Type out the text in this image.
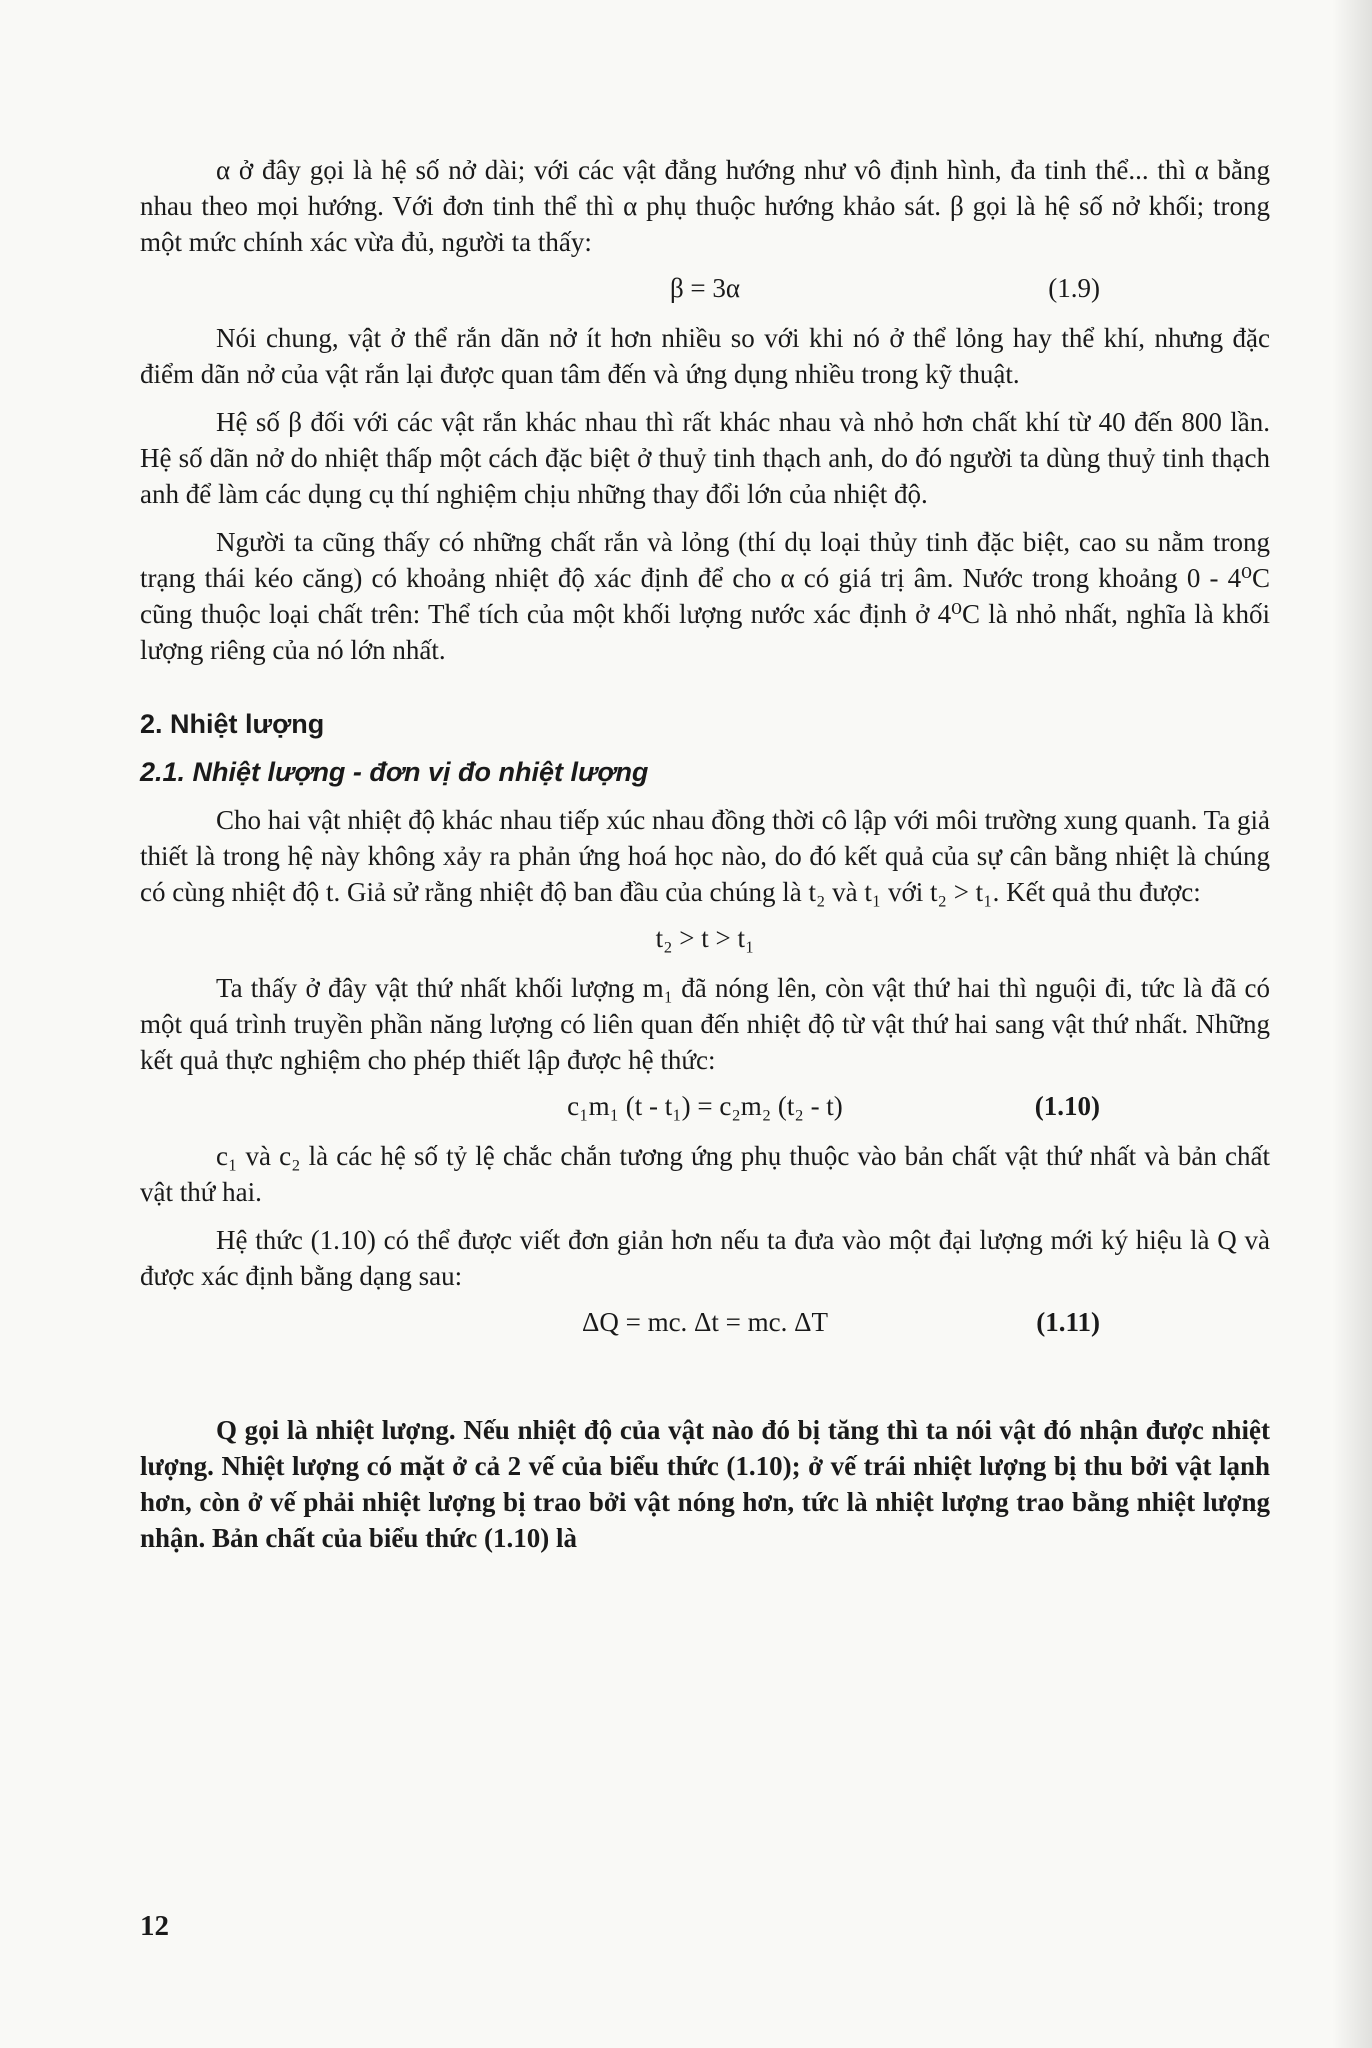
α ở đây gọi là hệ số nở dài; với các vật đẳng hướng như vô định hình, đa tinh thể... thì α bằng nhau theo mọi hướng. Với đơn tinh thể thì α phụ thuộc hướng khảo sát. β gọi là hệ số nở khối; trong một mức chính xác vừa đủ, người ta thấy:

β = 3α	(1.9)

Nói chung, vật ở thể rắn dãn nở ít hơn nhiều so với khi nó ở thể lỏng hay thể khí, nhưng đặc điểm dãn nở của vật rắn lại được quan tâm đến và ứng dụng nhiều trong kỹ thuật.

Hệ số β đối với các vật rắn khác nhau thì rất khác nhau và nhỏ hơn chất khí từ 40 đến 800 lần. Hệ số dãn nở do nhiệt thấp một cách đặc biệt ở thuỷ tinh thạch anh, do đó người ta dùng thuỷ tinh thạch anh để làm các dụng cụ thí nghiệm chịu những thay đổi lớn của nhiệt độ.

Người ta cũng thấy có những chất rắn và lỏng (thí dụ loại thủy tinh đặc biệt, cao su nằm trong trạng thái kéo căng) có khoảng nhiệt độ xác định để cho α có giá trị âm. Nước trong khoảng 0 - 4⁰C cũng thuộc loại chất trên: Thể tích của một khối lượng nước xác định ở 4⁰C là nhỏ nhất, nghĩa là khối lượng riêng của nó lớn nhất.

2. Nhiệt lượng
2.1. Nhiệt lượng - đơn vị đo nhiệt lượng

Cho hai vật nhiệt độ khác nhau tiếp xúc nhau đồng thời cô lập với môi trường xung quanh. Ta giả thiết là trong hệ này không xảy ra phản ứng hoá học nào, do đó kết quả của sự cân bằng nhiệt là chúng có cùng nhiệt độ t. Giả sử rằng nhiệt độ ban đầu của chúng là t₂ và t₁ với t₂ > t₁. Kết quả thu được:

t₂ > t > t₁

Ta thấy ở đây vật thứ nhất khối lượng m₁ đã nóng lên, còn vật thứ hai thì nguội đi, tức là đã có một quá trình truyền phần năng lượng có liên quan đến nhiệt độ từ vật thứ hai sang vật thứ nhất. Những kết quả thực nghiệm cho phép thiết lập được hệ thức:

c₁m₁ (t - t₁) = c₂m₂ (t₂ - t)	(1.10)

c₁ và c₂ là các hệ số tỷ lệ chắc chắn tương ứng phụ thuộc vào bản chất vật thứ nhất và bản chất vật thứ hai.

Hệ thức (1.10) có thể được viết đơn giản hơn nếu ta đưa vào một đại lượng mới ký hiệu là Q và được xác định bằng dạng sau:

ΔQ = mc. Δt = mc. ΔT	(1.11)

Q gọi là nhiệt lượng. Nếu nhiệt độ của vật nào đó bị tăng thì ta nói vật đó nhận được nhiệt lượng. Nhiệt lượng có mặt ở cả 2 vế của biểu thức (1.10); ở vế trái nhiệt lượng bị thu bởi vật lạnh hơn, còn ở vế phải nhiệt lượng bị trao bởi vật nóng hơn, tức là nhiệt lượng trao bằng nhiệt lượng nhận. Bản chất của biểu thức (1.10) là

12
